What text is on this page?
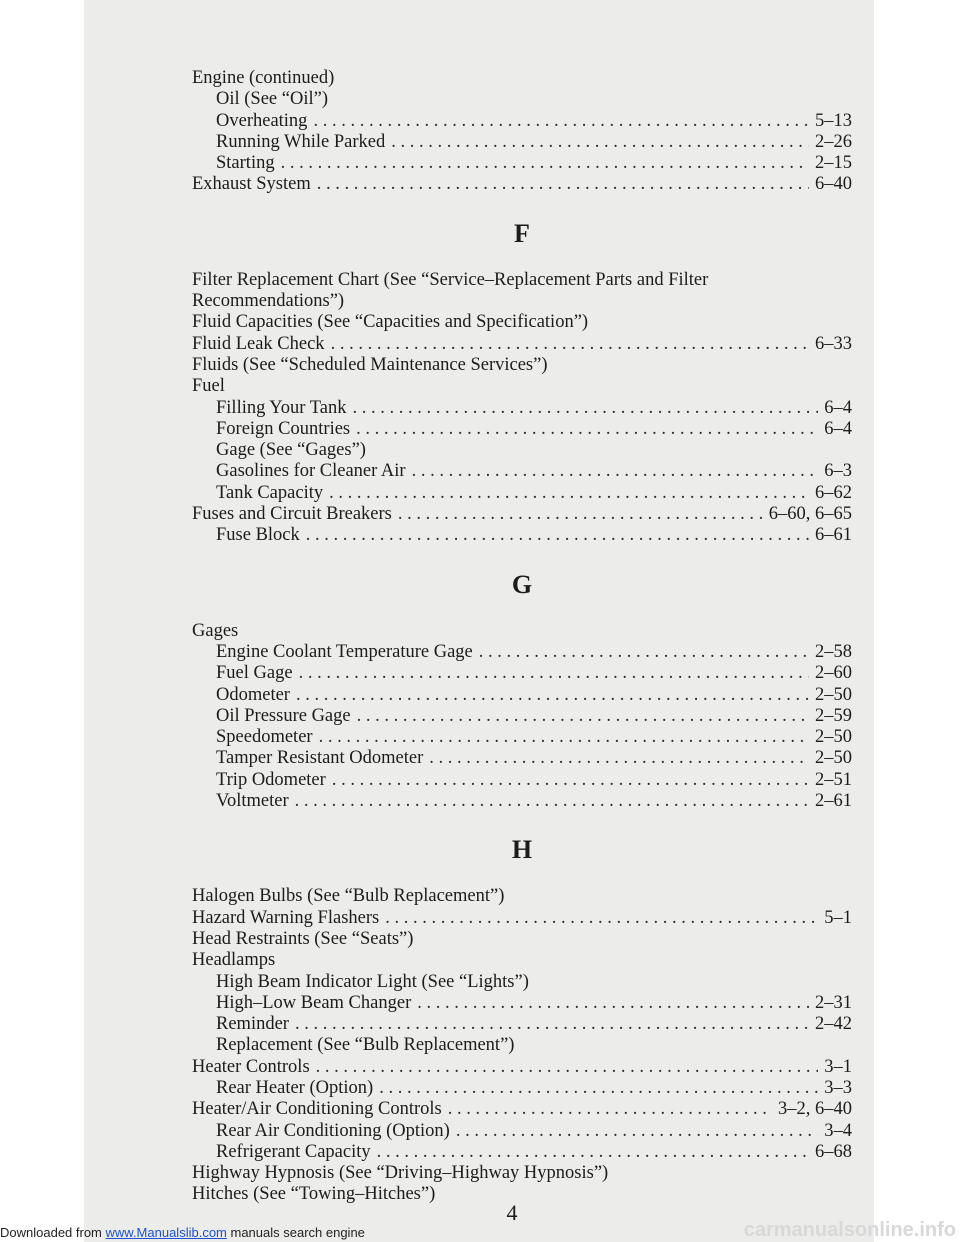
Engine (continued)
Oil (See “Oil”)
Overheating . . .	5–13
Running While Parked . . .	2–26
Starting . . .	2–15
Exhaust System . . .	6–40
F
Filter Replacement Chart (See “Service–Replacement Parts and Filter
Recommendations”)
Fluid Capacities (See “Capacities and Specification”)
Fluid Leak Check . . .	6–33
Fluids (See “Scheduled Maintenance Services”)
Fuel
Filling Your Tank . . .	6–4
Foreign Countries . . .	6–4
Gage (See “Gages”)
Gasolines for Cleaner Air . . .	6–3
Tank Capacity . . .	6–62
Fuses and Circuit Breakers . . .	6–60, 6–65
Fuse Block . . .	6–61
G
Gages
Engine Coolant Temperature Gage . . .	2–58
Fuel Gage . . .	2–60
Odometer . . .	2–50
Oil Pressure Gage . . .	2–59
Speedometer . . .	2–50
Tamper Resistant Odometer . . .	2–50
Trip Odometer . . .	2–51
Voltmeter . . .	2–61
H
Halogen Bulbs (See “Bulb Replacement”)
Hazard Warning Flashers . . .	5–1
Head Restraints (See “Seats”)
Headlamps
High Beam Indicator Light (See “Lights”)
High–Low Beam Changer . . .	2–31
Reminder . . .	2–42
Replacement (See “Bulb Replacement”)
Heater Controls . . .	3–1
Rear Heater (Option) . . .	3–3
Heater/Air Conditioning Controls . . .	3–2, 6–40
Rear Air Conditioning (Option) . . .	3–4
Refrigerant Capacity . . .	6–68
Highway Hypnosis (See “Driving–Highway Hypnosis”)
Hitches (See “Towing–Hitches”)
4
Downloaded from www.Manualslib.com manuals search engine	carmanualsonline.info
